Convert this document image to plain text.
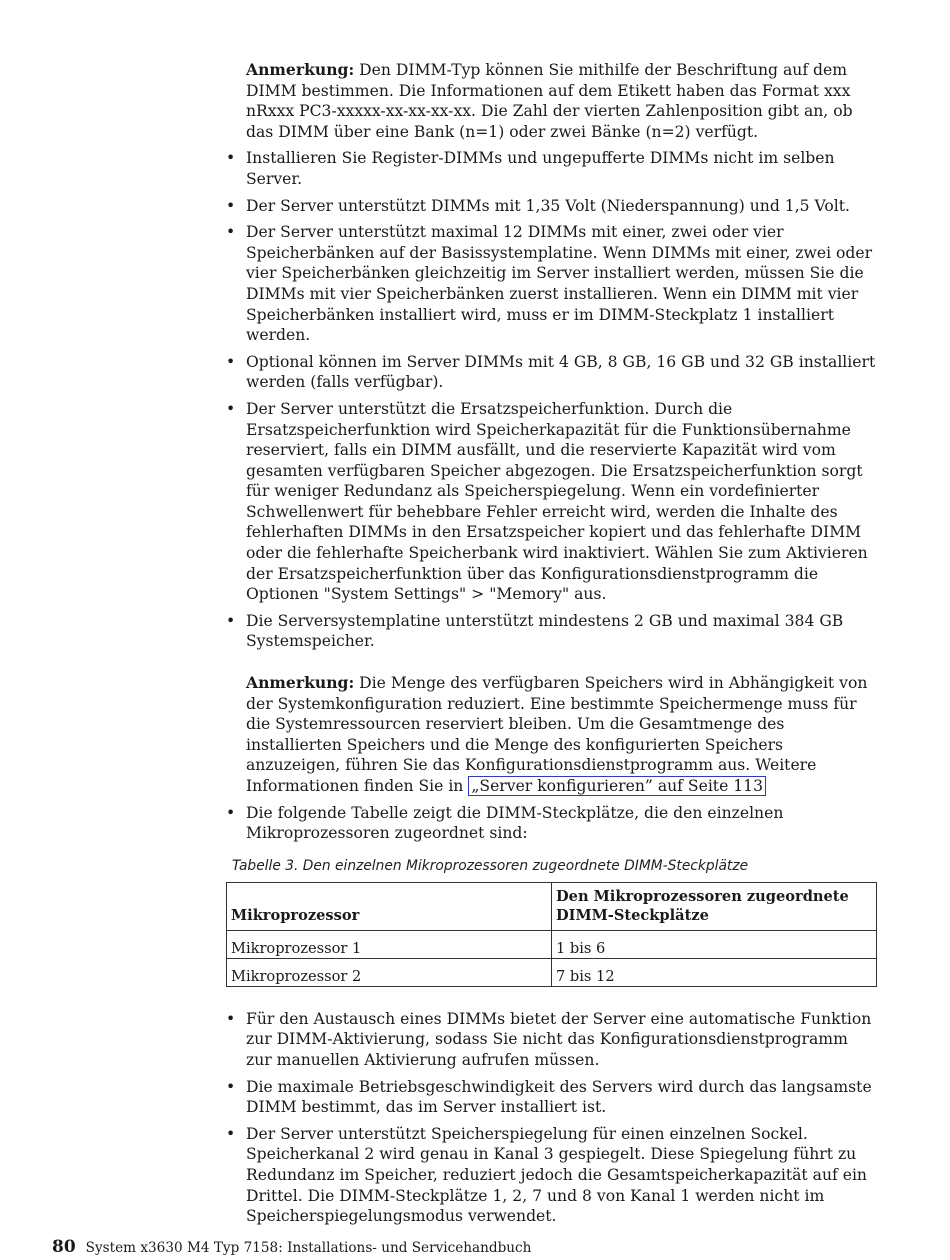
Anmerkung: Den DIMM-Typ können Sie mithilfe der Beschriftung auf dem DIMM bestimmen. Die Informationen auf dem Etikett haben das Format xxx nRxxx PC3-xxxxx-xx-xx-xx-xx. Die Zahl der vierten Zahlenposition gibt an, ob das DIMM über eine Bank (n=1) oder zwei Bänke (n=2) verfügt.

• Installieren Sie Register-DIMMs und ungepufferte DIMMs nicht im selben Server.
• Der Server unterstützt DIMMs mit 1,35 Volt (Niederspannung) und 1,5 Volt.
• Der Server unterstützt maximal 12 DIMMs mit einer, zwei oder vier Speicherbänken auf der Basissystemplatine. Wenn DIMMs mit einer, zwei oder vier Speicherbänken gleichzeitig im Server installiert werden, müssen Sie die DIMMs mit vier Speicherbänken zuerst installieren. Wenn ein DIMM mit vier Speicherbänken installiert wird, muss er im DIMM-Steckplatz 1 installiert werden.
• Optional können im Server DIMMs mit 4 GB, 8 GB, 16 GB und 32 GB installiert werden (falls verfügbar).
• Der Server unterstützt die Ersatzspeicherfunktion. Durch die Ersatzspeicherfunktion wird Speicherkapazität für die Funktionsübernahme reserviert, falls ein DIMM ausfällt, und die reservierte Kapazität wird vom gesamten verfügbaren Speicher abgezogen. Die Ersatzspeicherfunktion sorgt für weniger Redundanz als Speicherspiegelung. Wenn ein vordefinierter Schwellenwert für behebbare Fehler erreicht wird, werden die Inhalte des fehlerhaften DIMMs in den Ersatzspeicher kopiert und das fehlerhafte DIMM oder die fehlerhafte Speicherbank wird inaktiviert. Wählen Sie zum Aktivieren der Ersatzspeicherfunktion über das Konfigurationsdienstprogramm die Optionen "System Settings" > "Memory" aus.
• Die Serversystemplatine unterstützt mindestens 2 GB und maximal 384 GB Systemspeicher.

Anmerkung: Die Menge des verfügbaren Speichers wird in Abhängigkeit von der Systemkonfiguration reduziert. Eine bestimmte Speichermenge muss für die Systemressourcen reserviert bleiben. Um die Gesamtmenge des installierten Speichers und die Menge des konfigurierten Speichers anzuzeigen, führen Sie das Konfigurationsdienstprogramm aus. Weitere Informationen finden Sie in „Server konfigurieren” auf Seite 113

• Die folgende Tabelle zeigt die DIMM-Steckplätze, die den einzelnen Mikroprozessoren zugeordnet sind:
Tabelle 3. Den einzelnen Mikroprozessoren zugeordnete DIMM-Steckplätze
Mikroprozessor	Den Mikroprozessoren zugeordnete DIMM-Steckplätze
Mikroprozessor 1	1 bis 6
Mikroprozessor 2	7 bis 12
• Für den Austausch eines DIMMs bietet der Server eine automatische Funktion zur DIMM-Aktivierung, sodass Sie nicht das Konfigurationsdienstprogramm zur manuellen Aktivierung aufrufen müssen.
• Die maximale Betriebsgeschwindigkeit des Servers wird durch das langsamste DIMM bestimmt, das im Server installiert ist.
• Der Server unterstützt Speicherspiegelung für einen einzelnen Sockel. Speicherkanal 2 wird genau in Kanal 3 gespiegelt. Diese Spiegelung führt zu Redundanz im Speicher, reduziert jedoch die Gesamtspeicherkapazität auf ein Drittel. Die DIMM-Steckplätze 1, 2, 7 und 8 von Kanal 1 werden nicht im Speicherspiegelungsmodus verwendet.
80 System x3630 M4 Typ 7158: Installations- und Servicehandbuch
